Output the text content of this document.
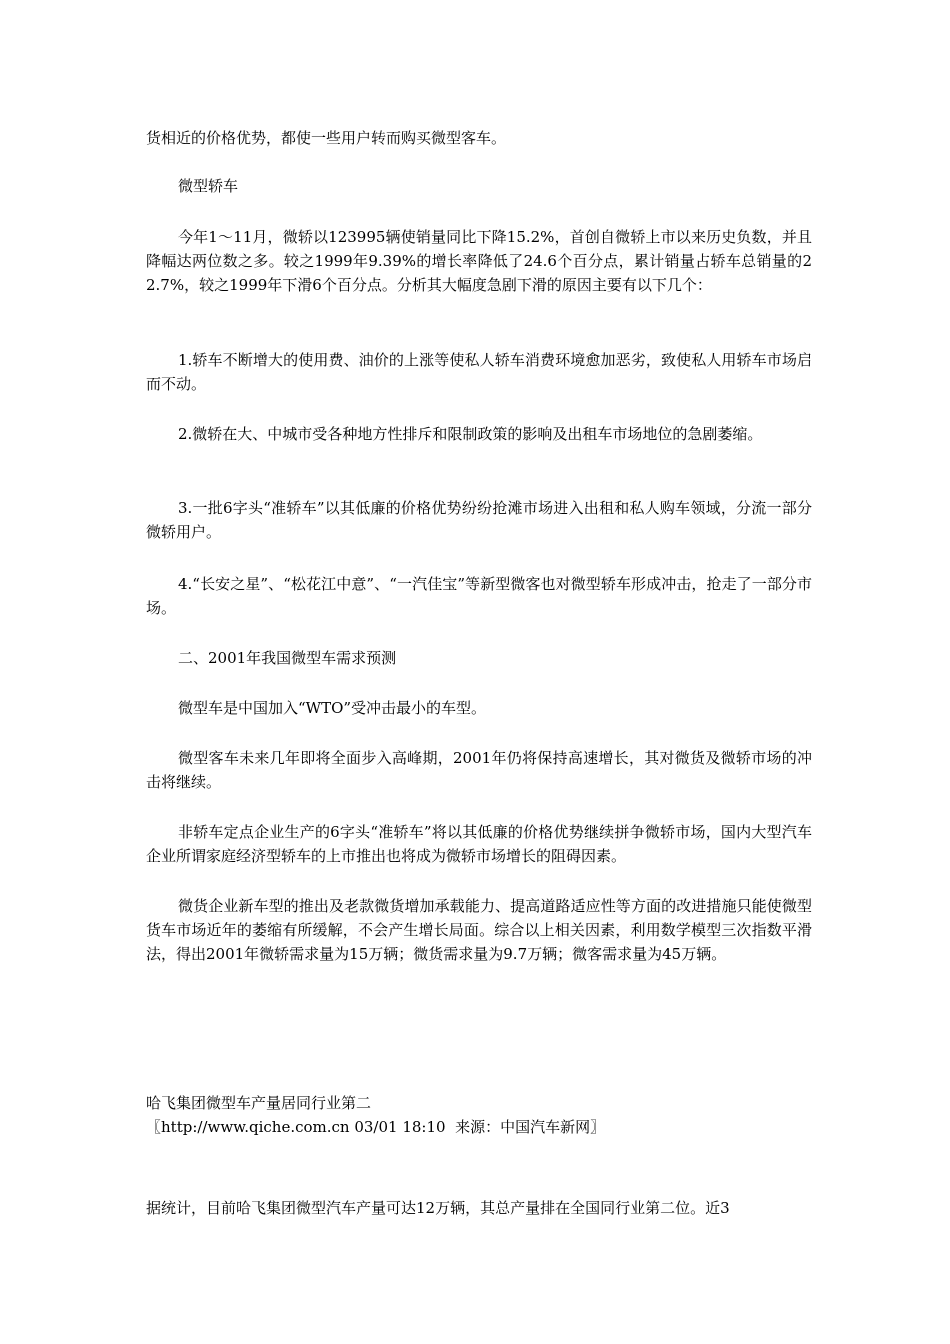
货相近的价格优势，都使一些用户转而购买微型客车。

微型轿车

今年1～11月，微轿以123995辆使销量同比下降15.2%，首创自微轿上市以来历史负数，并且降幅达两位数之多。较之1999年9.39%的增长率降低了24.6个百分点，累计销量占轿车总销量的22.7%，较之1999年下滑6个百分点。分析其大幅度急剧下滑的原因主要有以下几个：

1.轿车不断增大的使用费、油价的上涨等使私人轿车消费环境愈加恶劣，致使私人用轿车市场启而不动。

2.微轿在大、中城市受各种地方性排斥和限制政策的影响及出租车市场地位的急剧萎缩。

3.一批6字头“准轿车”以其低廉的价格优势纷纷抢滩市场进入出租和私人购车领域，分流一部分微轿用户。

4.“长安之星”、“松花江中意”、“一汽佳宝”等新型微客也对微型轿车形成冲击，抢走了一部分市场。

二、2001年我国微型车需求预测

微型车是中国加入“WTO”受冲击最小的车型。

微型客车未来几年即将全面步入高峰期，2001年仍将保持高速增长，其对微货及微轿市场的冲击将继续。

非轿车定点企业生产的6字头“准轿车”将以其低廉的价格优势继续拼争微轿市场，国内大型汽车企业所谓家庭经济型轿车的上市推出也将成为微轿市场增长的阻碍因素。

微货企业新车型的推出及老款微货增加承载能力、提高道路适应性等方面的改进措施只能使微型货车市场近年的萎缩有所缓解，不会产生增长局面。综合以上相关因素，利用数学模型三次指数平滑法，得出2001年微轿需求量为15万辆；微货需求量为9.7万辆；微客需求量为45万辆。

哈飞集团微型车产量居同行业第二

〖http://www.qiche.com.cn 03/01 18:10  来源：中国汽车新网〗

据统计，目前哈飞集团微型汽车产量可达12万辆，其总产量排在全国同行业第二位。近3
